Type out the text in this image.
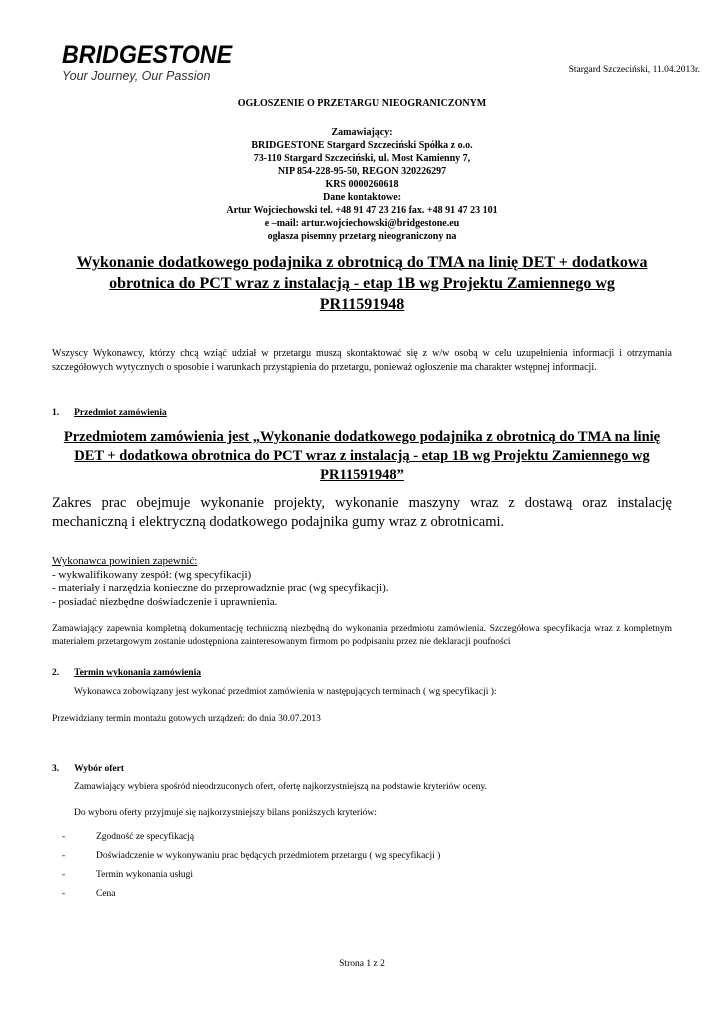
BRIDGESTONE
Your Journey, Our Passion	Stargard Szczeciński, 11.04.2013r.
OGŁOSZENIE O PRZETARGU NIEOGRANICZONYM
Zamawiający:
BRIDGESTONE Stargard Szczeciński Spółka z o.o.
73-110 Stargard Szczeciński, ul. Most Kamienny 7,
NIP 854-228-95-50, REGON 320226297
KRS 0000260618
Dane kontaktowe:
Artur Wojciechowski tel. +48 91 47 23 216 fax. +48 91 47 23 101
e –mail: artur.wojciechowski@bridgestone.eu
ogłasza pisemny przetarg nieograniczony na
Wykonanie dodatkowego podajnika z obrotnicą do TMA na linię DET + dodatkowa
obrotnica do PCT wraz z instalacją - etap 1B wg Projektu Zamiennego wg
PR11591948
Wszyscy Wykonawcy, którzy chcą wziąć udział w przetargu muszą skontaktować się z w/w osobą w celu uzupełnienia informacji i otrzymania szczegółowych wytycznych o sposobie i warunkach przystąpienia do przetargu, ponieważ ogłoszenie ma charakter wstępnej informacji.
1. Przedmiot zamówienia
Przedmiotem zamówienia jest „Wykonanie dodatkowego podajnika z obrotnicą do TMA na linię
DET + dodatkowa obrotnica do PCT wraz z instalacją - etap 1B wg Projektu Zamiennego wg
PR11591948”
Zakres prac obejmuje wykonanie projekty, wykonanie maszyny wraz z dostawą oraz instalację mechaniczną i elektryczną dodatkowego podajnika gumy wraz z obrotnicami.
Wykonawca powinien zapewnić:
- wykwalifikowany zespół: (wg specyfikacji)
- materiały i narzędzia konieczne do przeprowadznie prac (wg specyfikacji).
- posiadać niezbędne doświadczenie i uprawnienia.
Zamawiający zapewnia kompletną dokumentację techniczną niezbędną do wykonania przedmiotu zamówienia. Szczegółowa specyfikacja wraz z kompletnym materiałem przetargowym zostanie udostępniona zainteresowanym firmom po podpisaniu przez nie deklaracji poufności
2. Termin wykonania zamówienia
Wykonawca zobowiązany jest wykonać przedmiot zamówienia w następujących terminach ( wg specyfikacji ):
Przewidziany termin montażu gotowych urządzeń: do dnia 30.07.2013
3. Wybór ofert
Zamawiający wybiera spośród nieodrzuconych ofert, ofertę najkorzystniejszą na podstawie kryteriów oceny.
Do wyboru oferty przyjmuje się najkorzystniejszy bilans poniższych kryteriów:
-	Zgodność ze specyfikacją
-	Doświadczenie w wykonywaniu prac będących przedmiotem przetargu ( wg specyfikacji )
-	Termin wykonania usługi
-	Cena
Strona 1 z 2
